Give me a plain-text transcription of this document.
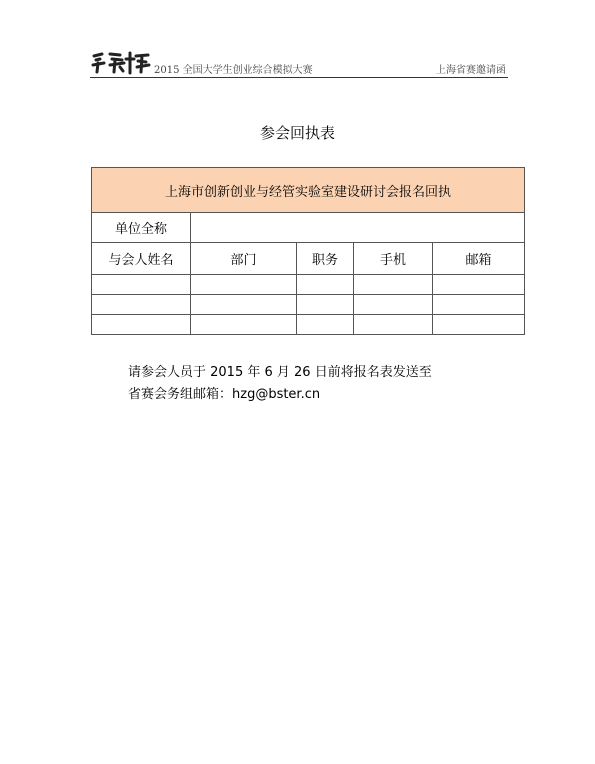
2015 全国大学生创业综合模拟大赛	上海省赛邀请函
参会回执表
上海市创新创业与经管实验室建设研讨会报名回执				
单位全称				
与会人姓名	部门	职务	手机	邮箱

请参会人员于 2015 年 6 月 26 日前将报名表发送至
省赛会务组邮箱：hzg@bster.cn
